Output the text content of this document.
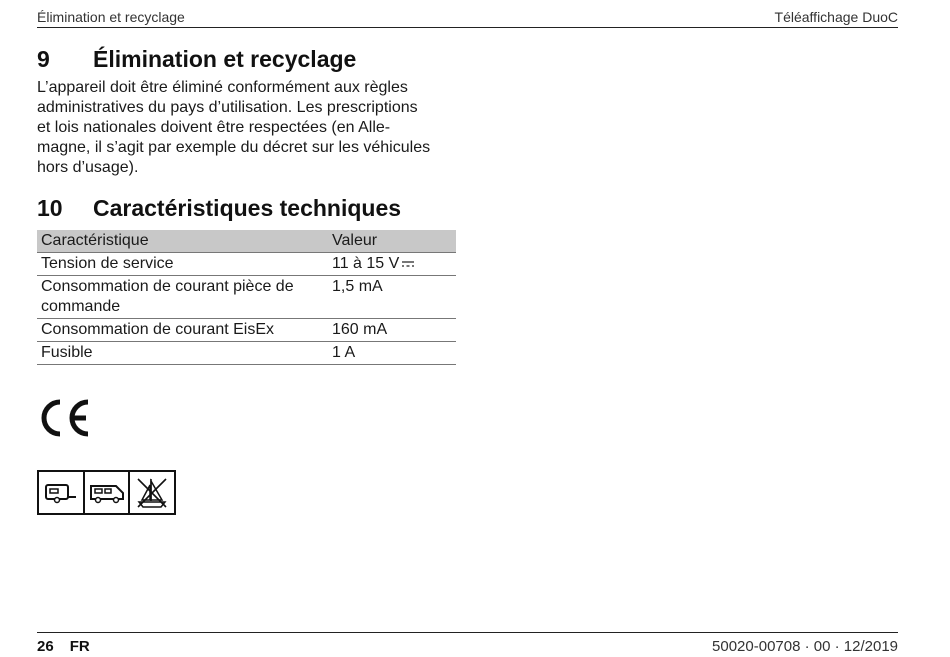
Élimination et recyclage	Téléaffichage DuoC
9 Élimination et recyclage
L’appareil doit être éliminé conformément aux règles
administratives du pays d’utilisation. Les prescriptions
et lois nationales doivent être respectées (en Alle-
magne, il s’agit par exemple du décret sur les véhicules
hors d’usage).
10 Caractéristiques techniques
Caractéristique	Valeur
Tension de service	11 à 15 V

Consommation de courant pièce de
commande	1,5 mA
Consommation de courant EisEx	160 mA
Fusible	1 A
26 FR	50020-00708 · 00 · 12/2019
